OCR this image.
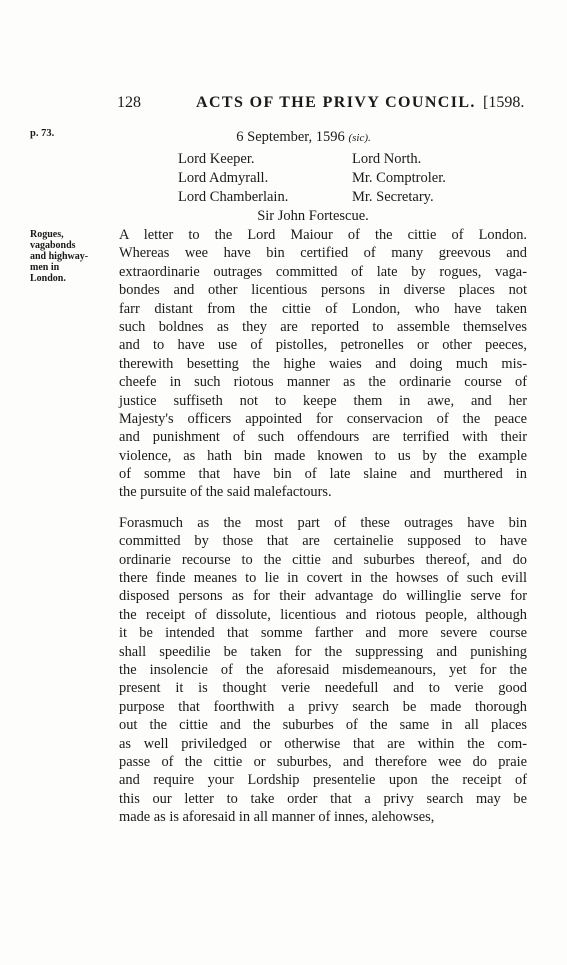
128	ACTS OF THE PRIVY COUNCIL. [1598.
p. 73.	6 September, 1596 (sic).
Lord Keeper.	Lord North.
Lord Admyrall.	Mr. Comptroler.
Lord Chamberlain.	Mr. Secretary.
Sir John Fortescue.
Rogues,
vagabonds
and highway-
men in
London.

A letter to the Lord Maiour of the cittie of London.
Whereas wee have bin certified of many greevous and
extraordinarie outrages committed of late by rogues, vaga-
bondes and other licentious persons in diverse places not
farr distant from the cittie of London, who have taken
such boldnes as they are reported to assemble themselves
and to have use of pistolles, petronelles or other peeces,
therewith besetting the highe waies and doing much mis-
cheefe in such riotous manner as the ordinarie course of
justice suffiseth not to keepe them in awe, and her
Majesty's officers appointed for conservacion of the peace
and punishment of such offendours are terrified with their
violence, as hath bin made knowen to us by the example
of somme that have bin of late slaine and murthered in
the pursuite of the said malefactours.

Forasmuch as the most part of these outrages have bin
committed by those that are certainelie supposed to have
ordinarie recourse to the cittie and suburbes thereof, and do
there finde meanes to lie in covert in the howses of such evill
disposed persons as for their advantage do willinglie serve for
the receipt of dissolute, licentious and riotous people, although
it be intended that somme farther and more severe course
shall speedilie be taken for the suppressing and punishing
the insolencie of the aforesaid misdemeanours, yet for the
present it is thought verie needefull and to verie good
purpose that foorthwith a privy search be made thorough
out the cittie and the suburbes of the same in all places
as well priviledged or otherwise that are within the com-
passe of the cittie or suburbes, and therefore wee do praie
and require your Lordship presentelie upon the receipt of
this our letter to take order that a privy search may be
made as is aforesaid in all manner of innes, alehowses,
